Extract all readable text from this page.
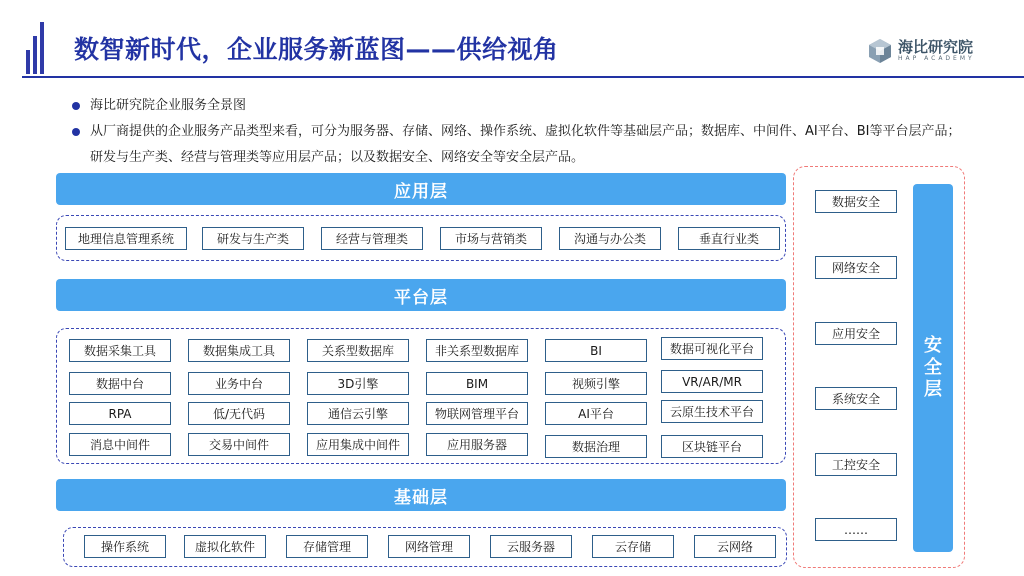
数智新时代，企业服务新蓝图——供给视角	海比研究院
HAP ACADEMY
海比研究院企业服务全景图
从厂商提供的企业服务产品类型来看，可分为服务器、存储、网络、操作系统、虚拟化软件等基础层产品；数据库、中间件、AI平台、BI等平台层产品；研发与生产类、经营与管理类等应用层产品；以及数据安全、网络安全等安全层产品。
应用层
地理信息管理系统	研发与生产类	经营与管理类	市场与营销类	沟通与办公类	垂直行业类
平台层
数据采集工具	数据集成工具	关系型数据库	非关系型数据库	BI	数据可视化平台
数据中台	业务中台	3D引擎	BIM	视频引擎	VR/AR/MR
RPA	低/无代码	通信云引擎	物联网管理平台	AI平台	云原生技术平台
消息中间件	交易中间件	应用集成中间件	应用服务器	数据治理	区块链平台
基础层
操作系统	虚拟化软件	存储管理	网络管理	云服务器	云存储	云网络
数据安全
网络安全
应用安全
系统安全
工控安全
……
安
全
层
